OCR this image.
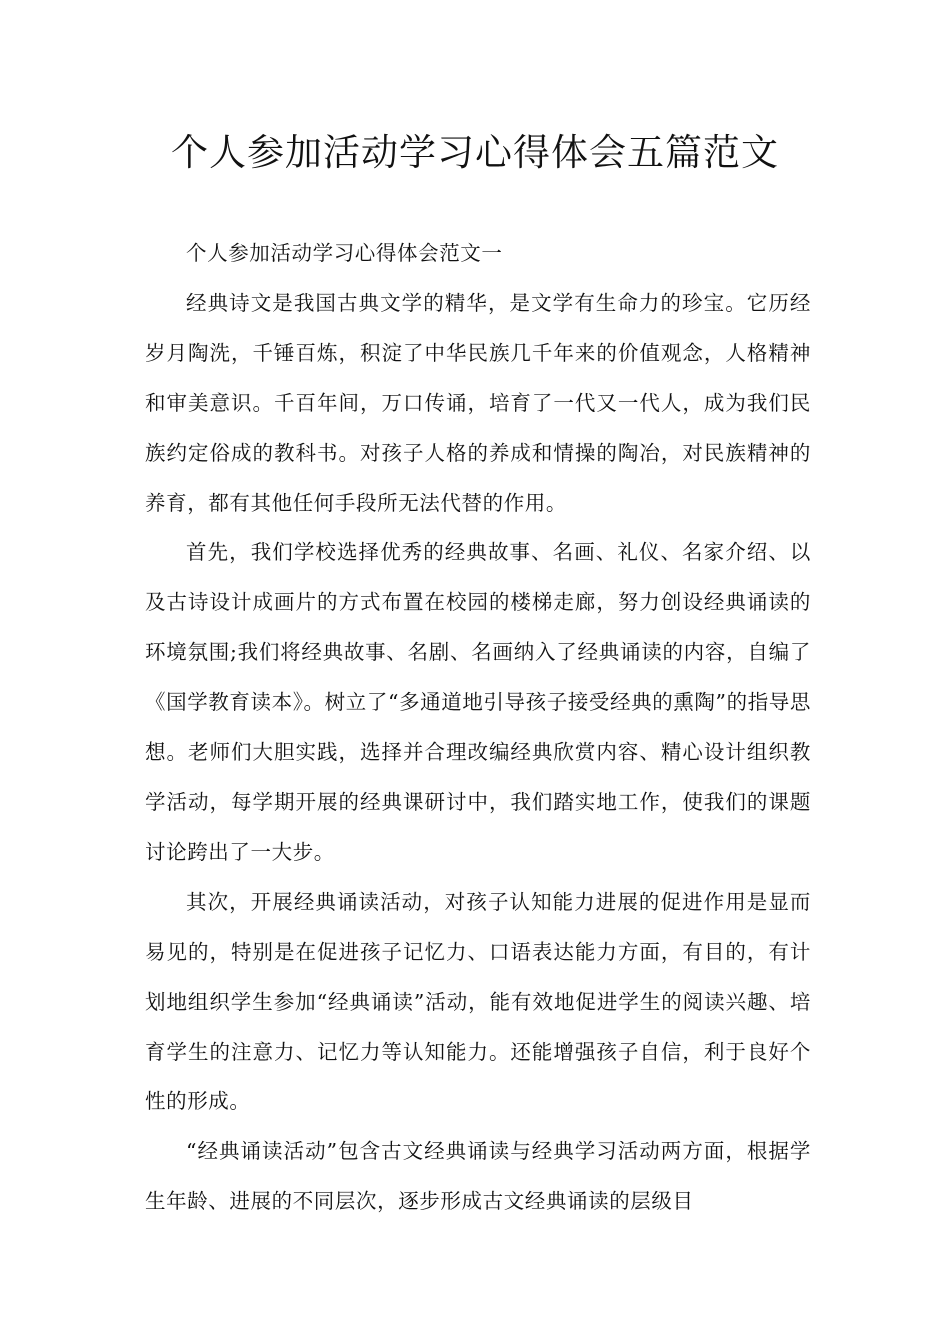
个人参加活动学习心得体会五篇范文

个人参加活动学习心得体会范文一

经典诗文是我国古典文学的精华，是文学有生命力的珍宝。它历经岁月陶洗，千锤百炼，积淀了中华民族几千年来的价值观念，人格精神和审美意识。千百年间，万口传诵，培育了一代又一代人，成为我们民族约定俗成的教科书。对孩子人格的养成和情操的陶冶，对民族精神的养育，都有其他任何手段所无法代替的作用。

首先，我们学校选择优秀的经典故事、名画、礼仪、名家介绍、以及古诗设计成画片的方式布置在校园的楼梯走廊，努力创设经典诵读的环境氛围;我们将经典故事、名剧、名画纳入了经典诵读的内容，自编了《国学教育读本》。树立了“多通道地引导孩子接受经典的熏陶”的指导思想。老师们大胆实践，选择并合理改编经典欣赏内容、精心设计组织教学活动，每学期开展的经典课研讨中，我们踏实地工作，使我们的课题讨论跨出了一大步。

其次，开展经典诵读活动，对孩子认知能力进展的促进作用是显而易见的，特别是在促进孩子记忆力、口语表达能力方面，有目的，有计划地组织学生参加“经典诵读”活动，能有效地促进学生的阅读兴趣、培育学生的注意力、记忆力等认知能力。还能增强孩子自信，利于良好个性的形成。

“经典诵读活动”包含古文经典诵读与经典学习活动两方面，根据学生年龄、进展的不同层次，逐步形成古文经典诵读的层级目
